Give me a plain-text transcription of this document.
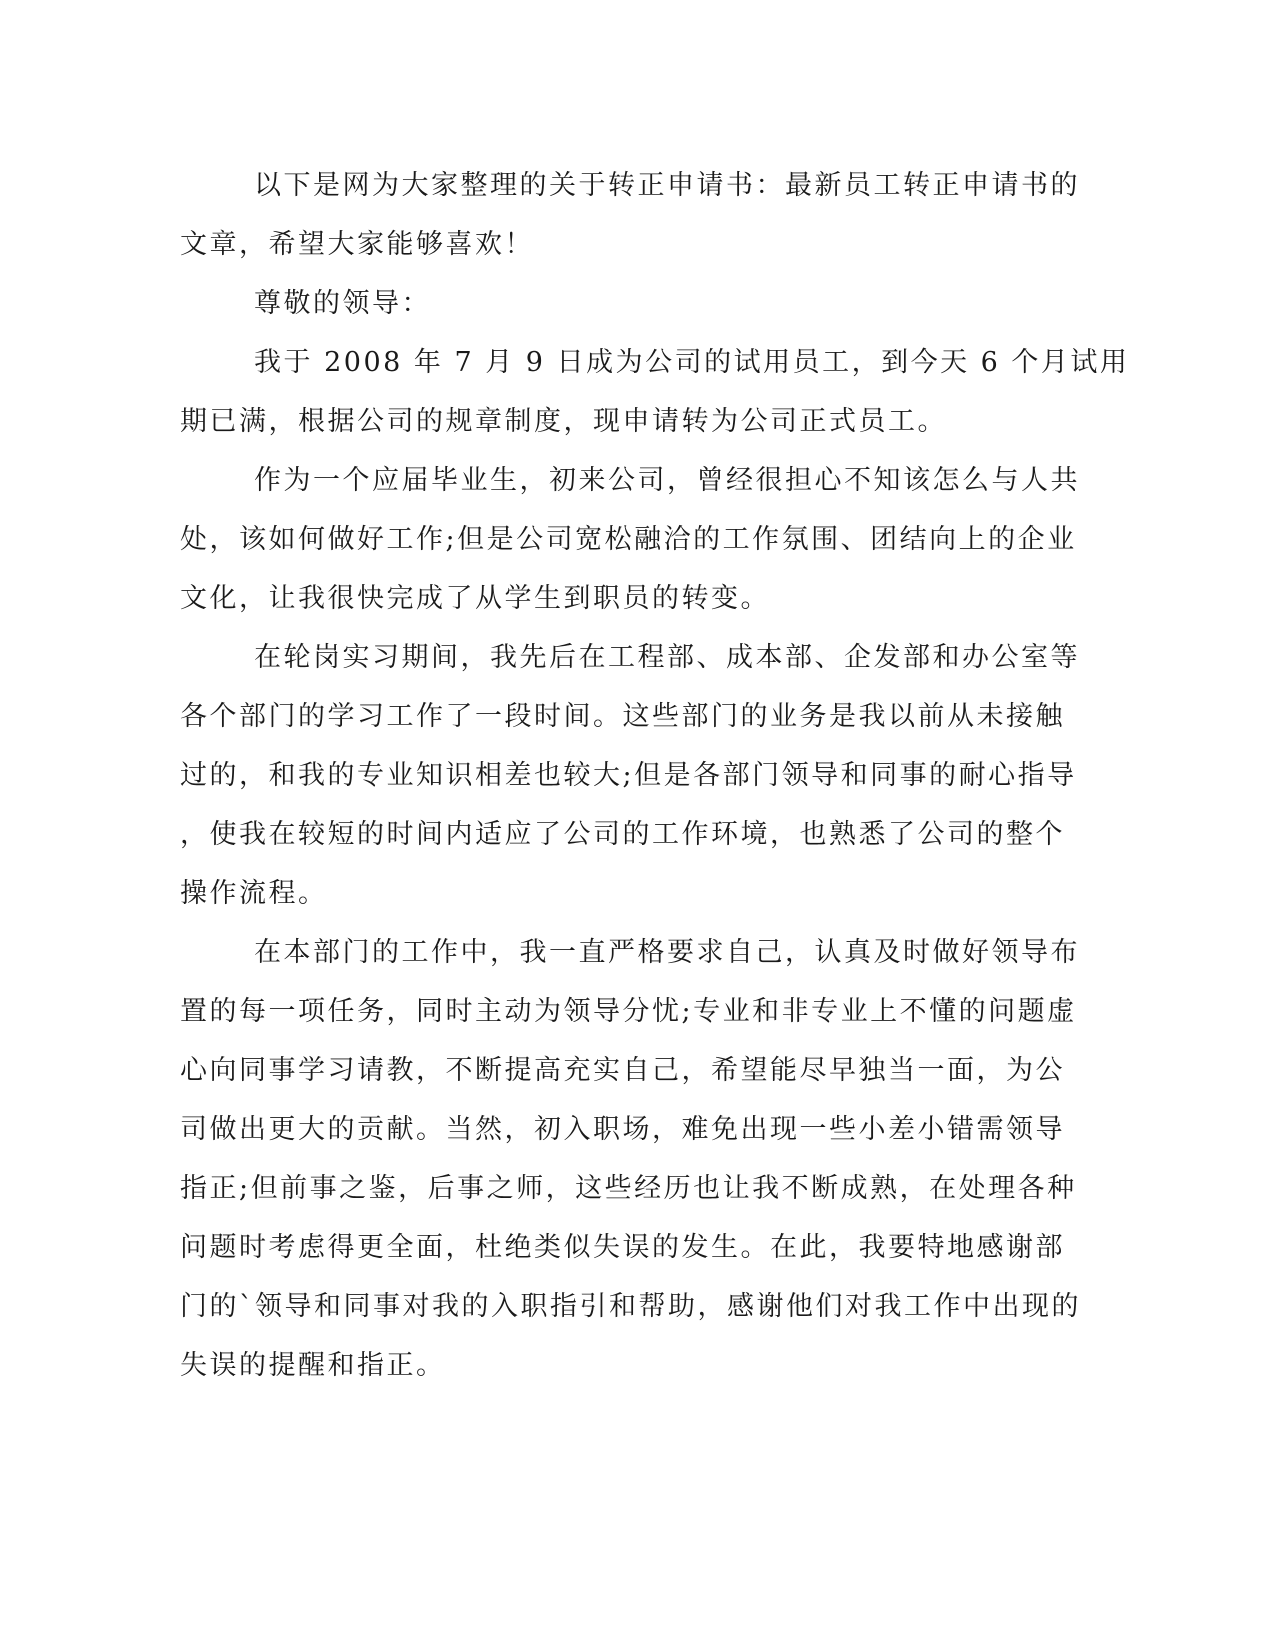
以下是网为大家整理的关于转正申请书：最新员工转正申请书的
文章，希望大家能够喜欢！
尊敬的领导：
我于 2008 年 7 月 9 日成为公司的试用员工，到今天 6 个月试用
期已满，根据公司的规章制度，现申请转为公司正式员工。
作为一个应届毕业生，初来公司，曾经很担心不知该怎么与人共
处，该如何做好工作;但是公司宽松融洽的工作氛围、团结向上的企业
文化，让我很快完成了从学生到职员的转变。
在轮岗实习期间，我先后在工程部、成本部、企发部和办公室等
各个部门的学习工作了一段时间。这些部门的业务是我以前从未接触
过的，和我的专业知识相差也较大;但是各部门领导和同事的耐心指导
，使我在较短的时间内适应了公司的工作环境，也熟悉了公司的整个
操作流程。
在本部门的工作中，我一直严格要求自己，认真及时做好领导布
置的每一项任务，同时主动为领导分忧;专业和非专业上不懂的问题虚
心向同事学习请教，不断提高充实自己，希望能尽早独当一面，为公
司做出更大的贡献。当然，初入职场，难免出现一些小差小错需领导
指正;但前事之鉴，后事之师，这些经历也让我不断成熟，在处理各种
问题时考虑得更全面，杜绝类似失误的发生。在此，我要特地感谢部
门的`领导和同事对我的入职指引和帮助，感谢他们对我工作中出现的
失误的提醒和指正。
